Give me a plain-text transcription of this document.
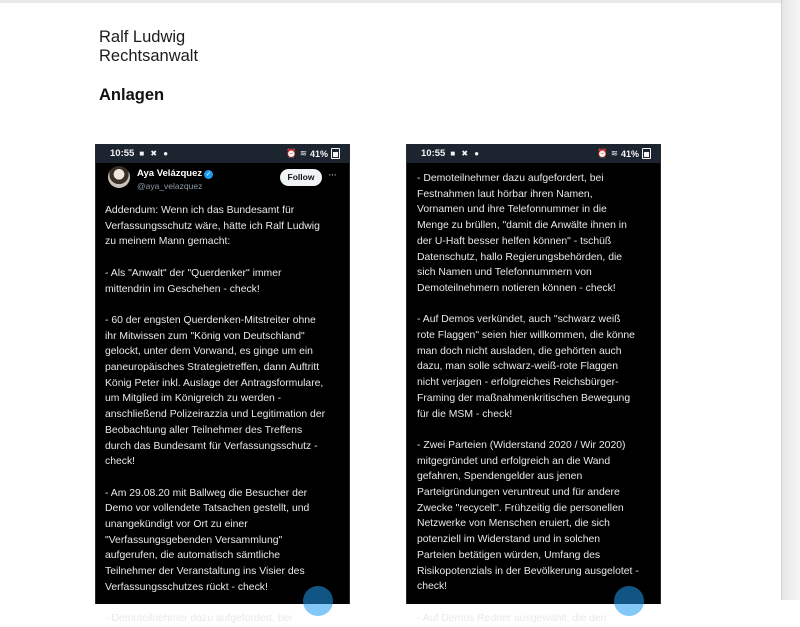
Ralf Ludwig
Rechtsanwalt
Anlagen
10:55 ■ ✖ ●	⏰ ≋ 41%
Aya Velázquez ✓
@aya_velazquez
Follow	···

Addendum: Wenn ich das Bundesamt für
Verfassungsschutz wäre, hätte ich Ralf Ludwig
zu meinem Mann gemacht:

- Als "Anwalt" der "Querdenker" immer
mittendrin im Geschehen - check!

- 60 der engsten Querdenken-Mitstreiter ohne
ihr Mitwissen zum "König von Deutschland"
gelockt, unter dem Vorwand, es ginge um ein
paneuropäisches Strategietreffen, dann Auftritt
König Peter inkl. Auslage der Antragsformulare,
um Mitglied im Königreich zu werden -
anschließend Polizeirazzia und Legitimation der
Beobachtung aller Teilnehmer des Treffens
durch das Bundesamt für Verfassungsschutz -
check!

- Am 29.08.20 mit Ballweg die Besucher der
Demo vor vollendete Tatsachen gestellt, und
unangekündigt vor Ort zu einer
"Verfassungsgebenden Versammlung"
aufgerufen, die automatisch sämtliche
Teilnehmer der Veranstaltung ins Visier des
Verfassungsschutzes rückt - check!

- Demoteilnehmer dazu aufgefordert, bei

10:55 ■ ✖ ●	⏰ ≋ 41%

- Demoteilnehmer dazu aufgefordert, bei
Festnahmen laut hörbar ihren Namen,
Vornamen und ihre Telefonnummer in die
Menge zu brüllen, "damit die Anwälte ihnen in
der U-Haft besser helfen können" - tschüß
Datenschutz, hallo Regierungsbehörden, die
sich Namen und Telefonnummern von
Demoteilnehmern notieren können - check!

- Auf Demos verkündet, auch "schwarz weiß
rote Flaggen" seien hier willkommen, die könne
man doch nicht ausladen, die gehörten auch
dazu, man solle schwarz-weiß-rote Flaggen
nicht verjagen - erfolgreiches Reichsbürger-
Framing der maßnahmenkritischen Bewegung
für die MSM - check!

- Zwei Parteien (Widerstand 2020 / Wir 2020)
mitgegründet und erfolgreich an die Wand
gefahren, Spendengelder aus jenen
Parteigründungen veruntreut und für andere
Zwecke "recycelt". Frühzeitig die personellen
Netzwerke von Menschen eruiert, die sich
potenziell im Widerstand und in solchen
Parteien betätigen würden, Umfang des
Risikopotenzials in der Bevölkerung ausgelotet -
check!

- Auf Demos Redner ausgewählt, die den
